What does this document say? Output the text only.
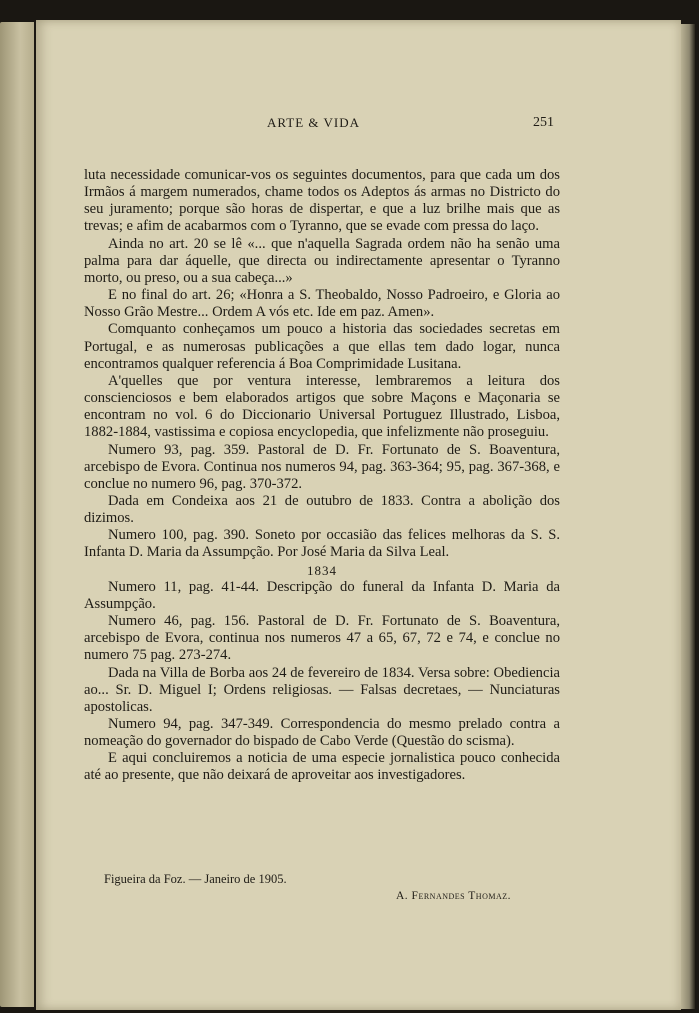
ARTE & VIDA	251

luta necessidade comunicar-vos os seguintes documentos, para que cada um dos Irmãos á margem numerados, chame todos os Adeptos ás armas no Districto do seu juramento; porque são horas de dispertar, e que a luz brilhe mais que as trevas; e afim de acabarmos com o Tyranno, que se evade com pressa do laço.

Ainda no art. 20 se lê «... que n'aquella Sagrada ordem não ha senão uma palma para dar áquelle, que directa ou indirectamente apresentar o Tyranno morto, ou preso, ou a sua cabeça...»

E no final do art. 26; «Honra a S. Theobaldo, Nosso Padroeiro, e Gloria ao Nosso Grão Mestre... Ordem A vós etc. Ide em paz. Amen».

Comquanto conheçamos um pouco a historia das sociedades secretas em Portugal, e as numerosas publicações a que ellas tem dado logar, nunca encontramos qualquer referencia á Boa Comprimidade Lusitana.

A'quelles que por ventura interesse, lembraremos a leitura dos conscienciosos e bem elaborados artigos que sobre Maçons e Maçonaria se encontram no vol. 6 do Diccionario Universal Portuguez Illustrado, Lisboa, 1882-1884, vastissima e copiosa encyclopedia, que infelizmente não proseguiu.

Numero 93, pag. 359. Pastoral de D. Fr. Fortunato de S. Boaventura, arcebispo de Evora. Continua nos numeros 94, pag. 363-364; 95, pag. 367-368, e conclue no numero 96, pag. 370-372.

Dada em Condeixa aos 21 de outubro de 1833. Contra a abolição dos dizimos.

Numero 100, pag. 390. Soneto por occasião das felices melhoras da S. S. Infanta D. Maria da Assumpção. Por José Maria da Silva Leal.

1834

Numero 11, pag. 41-44. Descripção do funeral da Infanta D. Maria da Assumpção.

Numero 46, pag. 156. Pastoral de D. Fr. Fortunato de S. Boaventura, arcebispo de Evora, continua nos numeros 47 a 65, 67, 72 e 74, e conclue no numero 75 pag. 273-274.

Dada na Villa de Borba aos 24 de fevereiro de 1834. Versa sobre: Obediencia ao... Sr. D. Miguel I; Ordens religiosas. — Falsas decretaes, — Nunciaturas apostolicas.

Numero 94, pag. 347-349. Correspondencia do mesmo prelado contra a nomeação do governador do bispado de Cabo Verde (Questão do scisma).

E aqui concluiremos a noticia de uma especie jornalistica pouco conhecida até ao presente, que não deixará de aproveitar aos investigadores.

Figueira da Foz. — Janeiro de 1905.
A. Fernandes Thomaz.
